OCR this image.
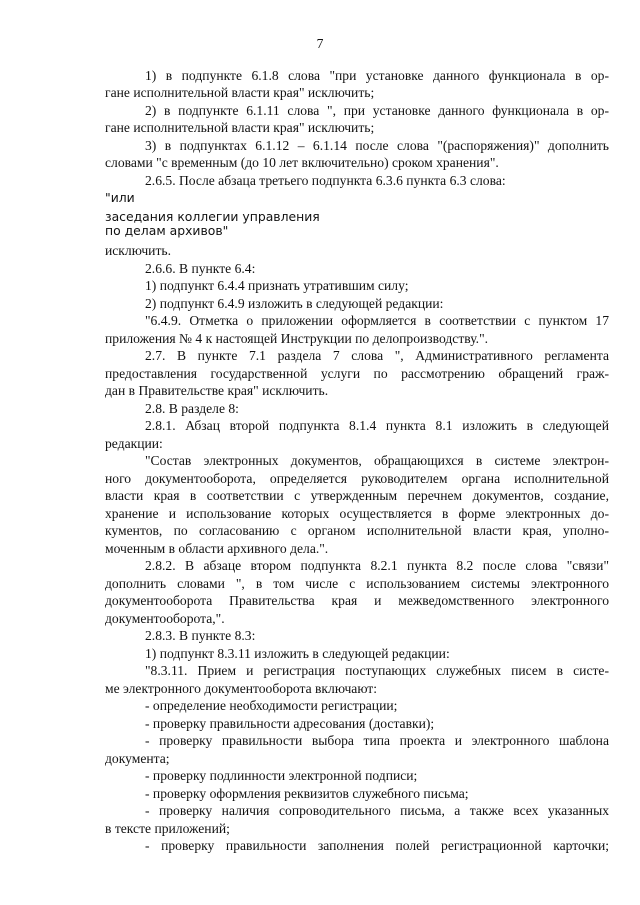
7
1) в подпункте 6.1.8 слова "при установке данного функционала в ор-
гане исполнительной власти края" исключить;
2) в подпункте 6.1.11 слова ", при установке данного функционала в ор-
гане исполнительной власти края" исключить;
3) в подпунктах 6.1.12 – 6.1.14 после слова "(распоряжения)" дополнить
словами "с временным (до 10 лет включительно) сроком хранения".
2.6.5. После абзаца третьего подпункта 6.3.6 пункта 6.3 слова:
"или
заседания коллегии управления
по делам архивов"
исключить.
2.6.6. В пункте 6.4:
1) подпункт 6.4.4 признать утратившим силу;
2) подпункт 6.4.9 изложить в следующей редакции:
"6.4.9. Отметка о приложении оформляется в соответствии с пунктом 17
приложения № 4 к настоящей Инструкции по делопроизводству.".
2.7. В пункте 7.1 раздела 7 слова ", Административного регламента
предоставления государственной услуги по рассмотрению обращений граж-
дан в Правительстве края" исключить.
2.8. В разделе 8:
2.8.1. Абзац второй подпункта 8.1.4 пункта 8.1 изложить в следующей
редакции:
"Состав электронных документов, обращающихся в системе электрон-
ного документооборота, определяется руководителем органа исполнительной
власти края в соответствии с утвержденным перечнем документов, создание,
хранение и использование которых осуществляется в форме электронных до-
кументов, по согласованию с органом исполнительной власти края, уполно-
моченным в области архивного дела.".
2.8.2. В абзаце втором подпункта 8.2.1 пункта 8.2 после слова "связи"
дополнить словами ", в том числе с использованием системы электронного
документооборота Правительства края и межведомственного электронного
документооборота,".
2.8.3. В пункте 8.3:
1) подпункт 8.3.11 изложить в следующей редакции:
"8.3.11. Прием и регистрация поступающих служебных писем в систе-
ме электронного документооборота включают:
- определение необходимости регистрации;
- проверку правильности адресования (доставки);
- проверку правильности выбора типа проекта и электронного шаблона
документа;
- проверку подлинности электронной подписи;
- проверку оформления реквизитов служебного письма;
- проверку наличия сопроводительного письма, а также всех указанных
в тексте приложений;
- проверку правильности заполнения полей регистрационной карточки;
